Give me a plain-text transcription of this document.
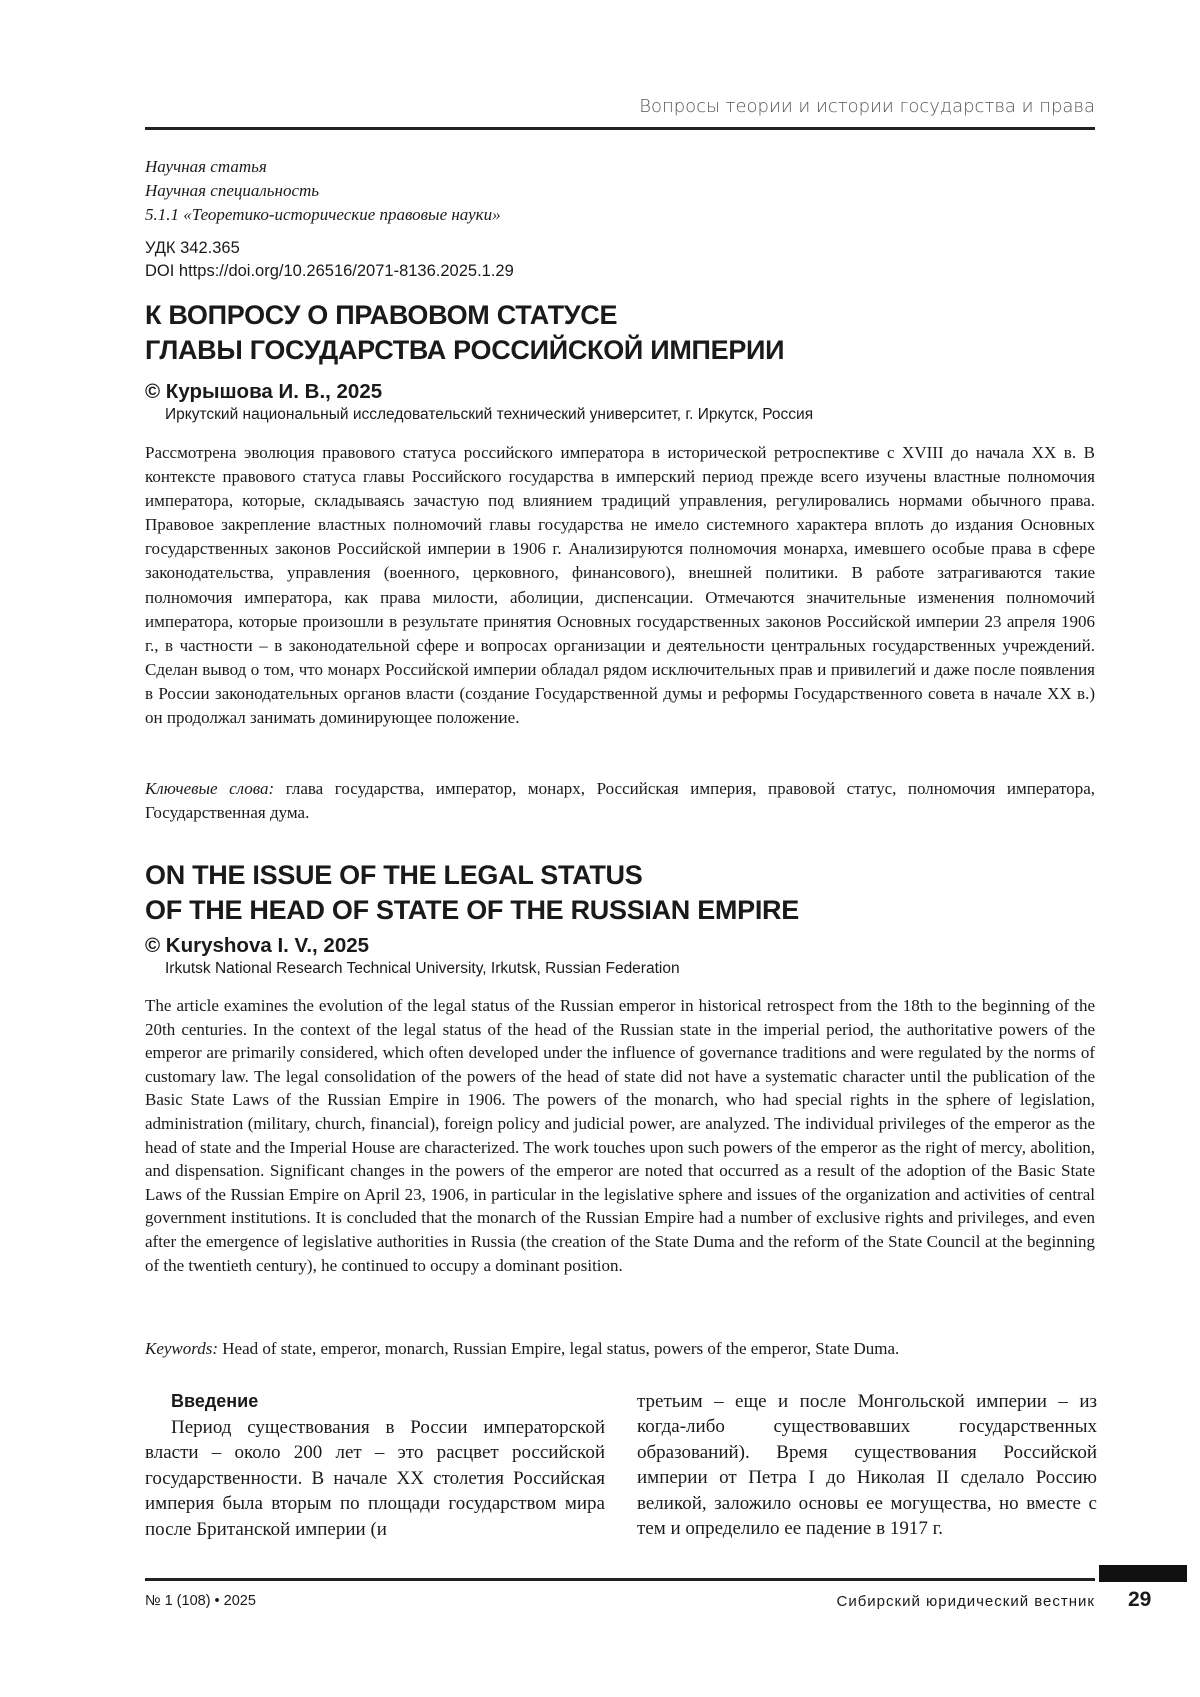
Вопросы теории и истории государства и права
Научная статья
Научная специальность
5.1.1 «Теоретико-исторические правовые науки»
УДК 342.365
DOI https://doi.org/10.26516/2071-8136.2025.1.29
К ВОПРОСУ О ПРАВОВОМ СТАТУСЕ
ГЛАВЫ ГОСУДАРСТВА РОССИЙСКОЙ ИМПЕРИИ
© Курышова И. В., 2025
Иркутский национальный исследовательский технический университет, г. Иркутск, Россия

Рассмотрена эволюция правового статуса российского императора в исторической ретроспективе с XVIII до начала XX в. В контексте правового статуса главы Российского государства в имперский период прежде всего изучены властные полномочия императора, которые, складываясь зачастую под влиянием традиций управления, регулировались нормами обычного права. Правовое закрепление властных полномочий главы государства не имело системного характера вплоть до издания Основных государственных законов Российской империи в 1906 г. Анализируются полномочия монарха, имевшего особые права в сфере законодательства, управления (военного, церковного, финансового), внешней политики. В работе затрагиваются такие полномочия императора, как права милости, аболиции, диспенсации. Отмечаются значительные изменения полномочий императора, которые произошли в результате принятия Основных государственных законов Российской империи 23 апреля 1906 г., в частности – в законодательной сфере и вопросах организации и деятельности центральных государственных учреждений. Сделан вывод о том, что монарх Российской империи обладал рядом исключительных прав и привилегий и даже после появления в России законодательных органов власти (создание Государственной думы и реформы Государственного совета в начале XX в.) он продолжал занимать доминирующее положение.

Ключевые слова: глава государства, император, монарх, Российская империя, правовой статус, полномочия императора, Государственная дума.

ON THE ISSUE OF THE LEGAL STATUS
OF THE HEAD OF STATE OF THE RUSSIAN EMPIRE
© Kuryshova I. V., 2025
Irkutsk National Research Technical University, Irkutsk, Russian Federation

The article examines the evolution of the legal status of the Russian emperor in historical retrospect from the 18th to the beginning of the 20th centuries. In the context of the legal status of the head of the Russian state in the imperial period, the authoritative powers of the emperor are primarily considered, which often developed under the influence of governance traditions and were regulated by the norms of customary law. The legal consolidation of the powers of the head of state did not have a systematic character until the publication of the Basic State Laws of the Russian Empire in 1906. The powers of the monarch, who had special rights in the sphere of legislation, administration (military, church, financial), foreign policy and judicial power, are analyzed. The individual privileges of the emperor as the head of state and the Imperial House are characterized. The work touches upon such powers of the emperor as the right of mercy, abolition, and dispensation. Significant changes in the powers of the emperor are noted that occurred as a result of the adoption of the Basic State Laws of the Russian Empire on April 23, 1906, in particular in the legislative sphere and issues of the organization and activities of central government institutions. It is concluded that the monarch of the Russian Empire had a number of exclusive rights and privileges, and even after the emergence of legislative authorities in Russia (the creation of the State Duma and the reform of the State Council at the beginning of the twentieth century), he continued to occupy a dominant position.

Keywords: Head of state, emperor, monarch, Russian Empire, legal status, powers of the emperor, State Duma.

Введение

Период существования в России императорской власти – около 200 лет – это расцвет российской государственности. В начале XX столетия Российская империя была вторым по площади государством мира после Британской империи (и

третьим – еще и после Монгольской империи – из когда-либо существовавших государственных образований). Время существования Российской империи от Петра I до Николая II сделало Россию великой, заложило основы ее могущества, но вместе с тем и определило ее падение в 1917 г.

№ 1 (108) • 2025	Сибирский юридический вестник 29
